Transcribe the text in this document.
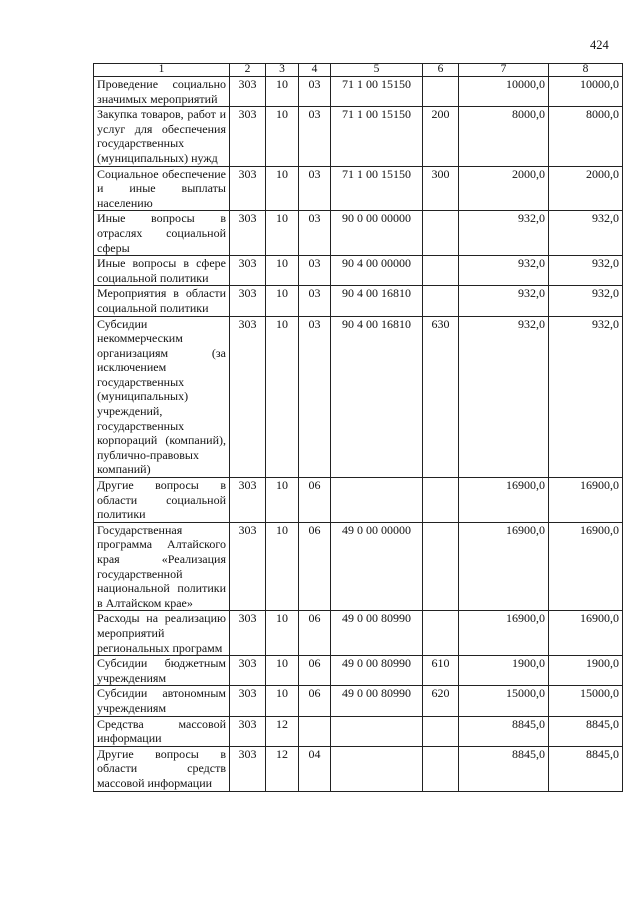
424
1	2	3	4	5	6	7	8
Проведение социально значимых мероприятий	303	10	03	71 1 00 15150		10000,0	10000,0
Закупка товаров, работ и услуг для обеспечения государственных (муниципальных) нужд	303	10	03	71 1 00 15150	200	8000,0	8000,0
Социальное обеспечение и иные выплаты населению	303	10	03	71 1 00 15150	300	2000,0	2000,0
Иные вопросы в отраслях социальной сферы	303	10	03	90 0 00 00000		932,0	932,0
Иные вопросы в сфере социальной политики	303	10	03	90 4 00 00000		932,0	932,0
Мероприятия в области социальной политики	303	10	03	90 4 00 16810		932,0	932,0
Субсидии некоммерческим организациям (за исключением государственных (муниципальных) учреждений, государственных корпораций (компаний), публично-правовых компаний)	303	10	03	90 4 00 16810	630	932,0	932,0
Другие вопросы в области социальной политики	303	10	06			16900,0	16900,0
Государственная программа Алтайского края «Реализация государственной национальной политики в Алтайском крае»	303	10	06	49 0 00 00000		16900,0	16900,0
Расходы на реализацию мероприятий региональных программ	303	10	06	49 0 00 80990		16900,0	16900,0
Субсидии бюджетным учреждениям	303	10	06	49 0 00 80990	610	1900,0	1900,0
Субсидии автономным учреждениям	303	10	06	49 0 00 80990	620	15000,0	15000,0
Средства массовой информации	303	12				8845,0	8845,0
Другие вопросы в области средств массовой информации	303	12	04			8845,0	8845,0
